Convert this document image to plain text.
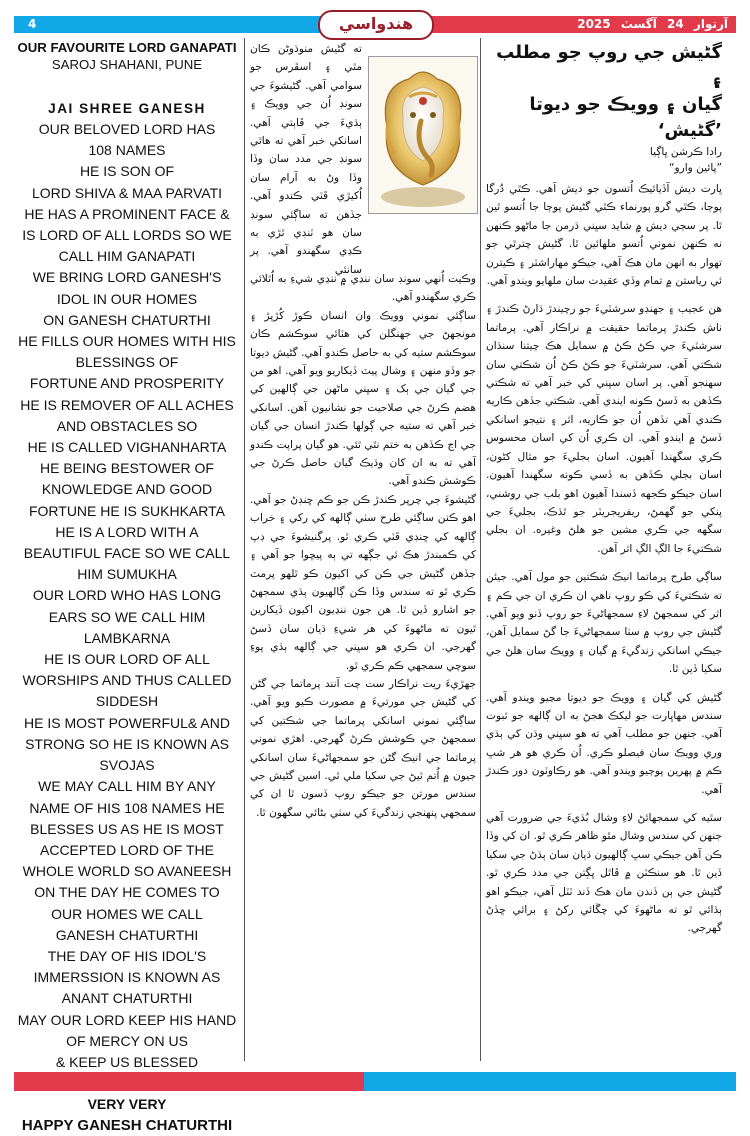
4	هندواسي	آرتوار 24 آگسٽ 2025
OUR FAVOURITE LORD GANAPATI
SAROJ SHAHANI, PUNE
JAI SHREE GANESH
OUR BELOVED LORD HAS
108 NAMES
HE IS SON OF
LORD SHIVA & MAA PARVATI
HE HAS A PROMINENT FACE &
IS LORD OF ALL LORDS SO WE
CALL HIM GANAPATI
WE BRING LORD GANESH'S
IDOL IN OUR HOMES
ON GANESH CHATURTHI
HE FILLS OUR HOMES WITH HIS
BLESSINGS OF
FORTUNE AND PROSPERITY
HE IS REMOVER OF ALL ACHES
AND OBSTACLES SO
HE IS CALLED VIGHANHARTA
HE BEING BESTOWER OF
KNOWLEDGE AND GOOD
FORTUNE HE IS SUKHKARTA
HE IS A LORD WITH A
BEAUTIFUL FACE SO WE CALL
HIM SUMUKHA
OUR LORD WHO HAS LONG
EARS SO WE CALL HIM
LAMBKARNA
HE IS OUR LORD OF ALL
WORSHIPS AND THUS CALLED
SIDDESH
HE IS MOST POWERFUL& AND
STRONG SO HE IS KNOWN AS
SVOJAS
WE MAY CALL HIM BY ANY
NAME OF HIS 108 NAMES HE
BLESSES US AS HE IS MOST
ACCEPTED LORD OF THE
WHOLE WORLD SO AVANEESH
ON THE DAY HE COMES TO
OUR HOMES WE CALL
GANESH CHATURTHI
THE DAY OF HIS IDOL'S
IMMERSSION IS KNOWN AS
ANANT CHATURTHI
MAY OUR LORD KEEP HIS HAND
OF MERCY ON US
& KEEP US BLESSED
VERY VERY
HAPPY GANESH CHATURTHI
گڻيش جي روپ جو مطلب ۽
گيان ۽ وويڪ جو ديوتا ’گڻيش‘
رادا ڪرشن ڀاڳيا
”پائين وارو“
ڀارت ديش آڏيائيڪ اُتسون جو ديش آهي. ڪٿي دُرگا پوڄا، ڪٿي گرو پورنماء ڪٿي گڻيش پوڄا جا اُتسو ٿين ٿا. پر سڄي ديش ۾ شايد سڀني ڌرمن جا ماڻهو ڪنهن نه ڪنهن نموني اُتسو ملهائين ٿا. گڻيش چترٿي جو تهوار به انهن مان هڪ آهي، جيڪو مهاراشٽر ۽ ڪيترن ئي رياستن ۾ تمام وڏي عقيدت سان ملهايو ويندو آهي.
هن عجيب ۽ جهنڊو سرشٽيءَ جو رچيندڙ ڌارڻ ڪندڙ ۽ ناش ڪندڙ پرماتما حقيقت ۾ نراڪار آهي. پرماتما سرشٽيءَ جي ڪڻ ڪڻ ۾ سمايل هڪ چيتنا سنڌان شڪتي آهي. سرشٽيءَ جو ڪڻ ڪڻ اُن شڪتي سان سهنجو آهي. پر اسان سڀني کي خبر آهي ته شڪتي ڪڏهن به ڏسڻ ڪونه ايندي آهي. شڪتي جڏهن ڪاريه ڪندي آهي تڏهن اُن جو ڪاريه، اثر ۽ نتيجو اسانکي ڏسڻ ۾ ايندو آهي. ان ڪري اُن کي اسان محسوس ڪري سگهندا آهيون. اسان بجليءَ جو مثال کڻون، اسان بجلي ڪڏهن به ڏسي ڪونه سگهندا آهيون. اسان جيڪو ڪجهه ڏسندا آهيون اهو بلب جي روشني، پنکي جو گهمڻ، ريفريجريٽر جو ٿڌڪ، بجليءَ جي سگهه جي ڪري مشين جو هلڻ وغيره. ان بجلي شڪتيءَ جا الڳ الڳ اثر آهن.
ساڳي طرح پرماتما انيڪ شڪتين جو مول آهي. جيئن ته شڪتيءَ کي ڪو روپ ناهي ان ڪري ان جي ڪم ۽ اثر کي سمجهڻ لاءِ سمجهاڻيءَ جو روپ ڏنو ويو آهي. گڻيش جي روپ ۾ سٺا سمجهاڻيءَ جا گڻ سمايل آهن، جيڪي اسانکي زندگيءَ ۾ گيان ۽ وويڪ سان هلڻ جي سکيا ڏين ٿا.
گڻيش کي گيان ۽ وويڪ جو ديوتا مڃيو ويندو آهي. سندس مهاڀارت جو ليکڪ هجڻ به ان ڳالهه جو ثبوت آهي. جنهن جو مطلب آهي ته هو سڀني وڌن کي ٻڌي وري وويڪ سان فيصلو ڪري. اُن ڪري هو هر شڀ ڪم ۾ پهرين پوڄيو ويندو آهي. هو رڪاوٽون دور ڪندڙ آهي.
سٿيه کي سمجهائڻ لاءِ وشال بُڌيءَ جي ضرورت آهي جنهن کي سندس وشال مٿو ظاهر ڪري ٿو. ان کي وڏا ڪن آهن جيڪي سڀ ڳالهيون ڌيان سان ٻڌڻ جي سکيا ڏين ٿا. هو سنڪٽن ۾ ڦاٿل ڀڳتن جي مدد ڪري ٿو. گڻيش جي ٻن ڏندن مان هڪ ڏند ٽٽل آهي، جيڪو اهو ٻڌائي ٿو ته ماڻهوءَ کي چڱائي رکڻ ۽ برائي ڇڏڻ گهرجي.
ته گڻيش منوڌوڻن ڪان مٿي ۽ اسڦرس جو سوامي آهي. گڻيشوءَ جي سونڊ اُن جي وويڪ ۽ ٻڌيءَ جي ڦاٻتي آهي. اسانکي خبر آهي ته هاٿي سونڊ جي مدد سان وڏا وڏا وڻ به آرام سان اُکيڙي ڦٽي ڪندو آهي. جڏهن ته ساڳئي سونڊ سان هو ٽنڊي ٿڙي به ڪڍي سگهندو آهي. پر سانئي
وڪيت اُنهي سونڊ سان ننڍي ۾ ننڍي شيءِ به اُٿلائي ڪري سگهندو آهي.
ساڳئي نموني وويڪ وان انسان ڪوڙ کُڙپڙ ۽ مونجهڻ جي جهنگلن کي هٽائي سوڪشم ڪان سوڪشم ستيه کي به حاصل ڪندو آهي. گڻيش ديوتا جو وڏو منهن ۽ وشال پيٽ ڏيکاريو ويو آهي. اهو من جي گيان جي ٻک ۽ سڀني ماڻهن جي ڳالهين کي هضم ڪرڻ جي صلاحيت جو نشانيون آهن. اسانکي خبر آهي ته ستيه جي ڳولها ڪندڙ انسان جي گيان جي اڃ ڪڏهن به ختم نٿي ٿئي. هو گيان پراپت ڪندو آهي ته به ان کان وڌيڪ گيان حاصل ڪرڻ جي ڪوشش ڪندو آهي.
گڻيشوءَ جي چرپر ڪندڙ ڪن جو ڪم ڇنڊڻ جو آهي. اهو ڪنن ساڳئي طرح سٺي ڳالهه کي رکي ۽ خراب ڳالهه کي ڇنڊي ڦٽي ڪري ٿو. پرگنيشوءَ جي ڊپ کي ڪمبندڙ هڪ ئي جڳهه تي ٻه پيڇوا جو آهي ۽ جڏهن گڻيش جي ڪن کي اکيون ڪو ٿلهو پرمٽ ڪري ٿو ته سندس وڏا ڪن ڳالهيون ٻڌي سمجهڻ جو اشارو ڏين ٿا. هن جون ننڍيون اکيون ڏيکارين ٿيون ته ماڻهوءَ کي هر شيءِ ڌيان سان ڏسڻ گهرجي. ان ڪري هو سڀني جي ڳالهه ٻڌي پوءِ سوچي سمجهي ڪم ڪري ٿو.
جهڙيءَ ريت نراڪار ست چت آنند پرماتما جي گڻن کي گڻيش جي مورتيءَ ۾ مصورت ڪيو ويو آهي. ساڳئي نموني اسانکي پرماتما جي شڪتين کي سمجهڻ جي ڪوشش ڪرڻ گهرجي. اهڙي نموني پرماتما جي انيڪ گڻن جو سمجهاڻيءَ سان اسانکي جيون ۾ اُتم ٿيڻ جي سکيا ملي ٿي. اسين گڻيش جي سندس مورتن جو جيڪو روپ ڏسون ٿا ان کي سمجهي پنهنجي زندگيءَ کي سٺي بڻائي سگهون ٿا.
